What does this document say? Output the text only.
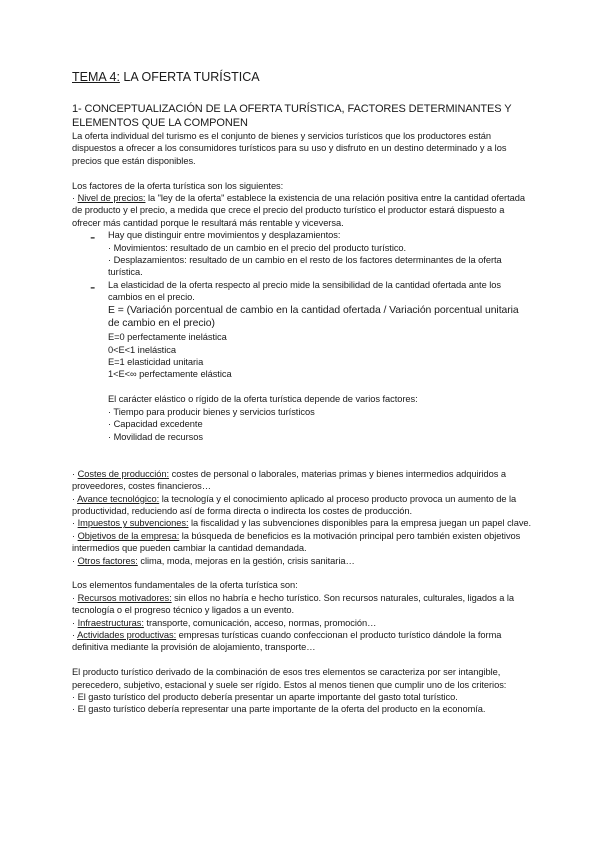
TEMA 4: LA OFERTA TURÍSTICA
1- CONCEPTUALIZACIÓN DE LA OFERTA TURÍSTICA, FACTORES DETERMINANTES Y ELEMENTOS QUE LA COMPONEN

La oferta individual del turismo es el conjunto de bienes y servicios turísticos que los productores están dispuestos a ofrecer a los consumidores turísticos para su uso y disfruto en un destino determinado y a los precios que están disponibles.

Los factores de la oferta turística son los siguientes:

· Nivel de precios: la "ley de la oferta" establece la existencia de una relación positiva entre la cantidad ofertada de producto y el precio, a medida que crece el precio del producto turístico el productor estará dispuesto a ofrecer más cantidad porque le resultará más rentable y viceversa.

- Hay que distinguir entre movimientos y desplazamientos:

· Movimientos: resultado de un cambio en el precio del producto turístico.

· Desplazamientos: resultado de un cambio en el resto de los factores determinantes de la oferta turística.

- La elasticidad de la oferta respecto al precio mide la sensibilidad de la cantidad ofertada ante los cambios en el precio.

E = (Variación porcentual de cambio en la cantidad ofertada / Variación porcentual unitaria de cambio en el precio)

E=0 perfectamente inelástica

0<E<1 inelástica

E=1 elasticidad unitaria

1<E<∞ perfectamente elástica

El carácter elástico o rígido de la oferta turística depende de varios factores:

· Tiempo para producir bienes y servicios turísticos

· Capacidad excedente

· Movilidad de recursos

· Costes de producción: costes de personal o laborales, materias primas y bienes intermedios adquiridos a proveedores, costes financieros…

· Avance tecnológico: la tecnología y el conocimiento aplicado al proceso producto provoca un aumento de la productividad, reduciendo así de forma directa o indirecta los costes de producción.

· Impuestos y subvenciones: la fiscalidad y las subvenciones disponibles para la empresa juegan un papel clave.

· Objetivos de la empresa: la búsqueda de beneficios es la motivación principal pero también existen objetivos intermedios que pueden cambiar la cantidad demandada.

· Otros factores: clima, moda, mejoras en la gestión, crisis sanitaria…

Los elementos fundamentales de la oferta turística son:

· Recursos motivadores: sin ellos no habría e hecho turístico. Son recursos naturales, culturales, ligados a la tecnología o el progreso técnico y ligados a un evento.

· Infraestructuras: transporte, comunicación, acceso, normas, promoción…

· Actividades productivas: empresas turísticas cuando confeccionan el producto turístico dándole la forma definitiva mediante la provisión de alojamiento, transporte…

El producto turístico derivado de la combinación de esos tres elementos se caracteriza por ser intangible, perecedero, subjetivo, estacional y suele ser rígido. Estos al menos tienen que cumplir uno de los criterios:

· El gasto turístico del producto debería presentar un aparte importante del gasto total turístico.

· El gasto turístico debería representar una parte importante de la oferta del producto en la economía.
